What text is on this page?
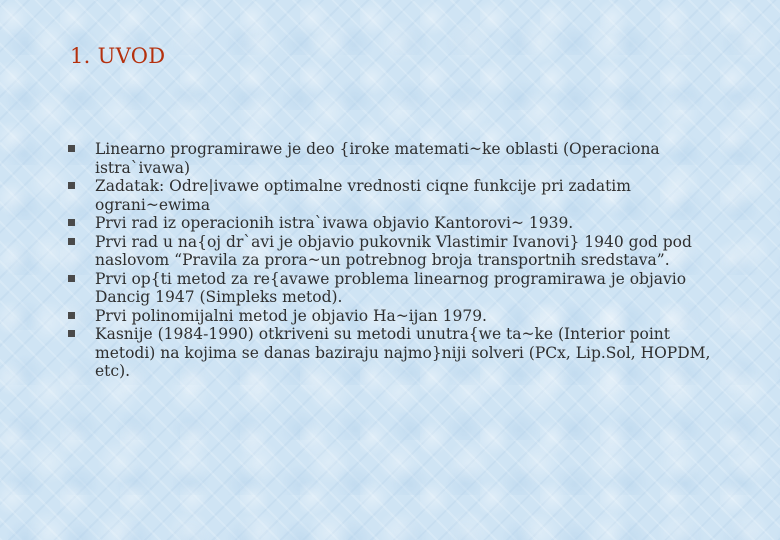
1. UVOD
Linearno programirawe je deo {iroke matemati~ke oblasti (Operaciona istra`ivawa)
Zadatak: Odre|ivawe optimalne vrednosti ciqne funkcije pri zadatim ograni~ewima
Prvi rad iz operacionih istra`ivawa objavio Kantorovi~ 1939.
Prvi rad u na{oj dr`avi je objavio pukovnik Vlastimir Ivanovi} 1940 god pod naslovom “Pravila za prora~un potrebnog broja transportnih sredstava”.
Prvi op{ti metod za re{avawe problema linearnog programirawa je objavio Dancig 1947 (Simpleks metod).
Prvi polinomijalni metod je objavio Ha~ijan 1979.
Kasnije (1984-1990) otkriveni su metodi unutra{we ta~ke (Interior point metodi) na kojima se danas baziraju najmo}niji solveri (PCx, Lip.Sol, HOPDM, etc).
